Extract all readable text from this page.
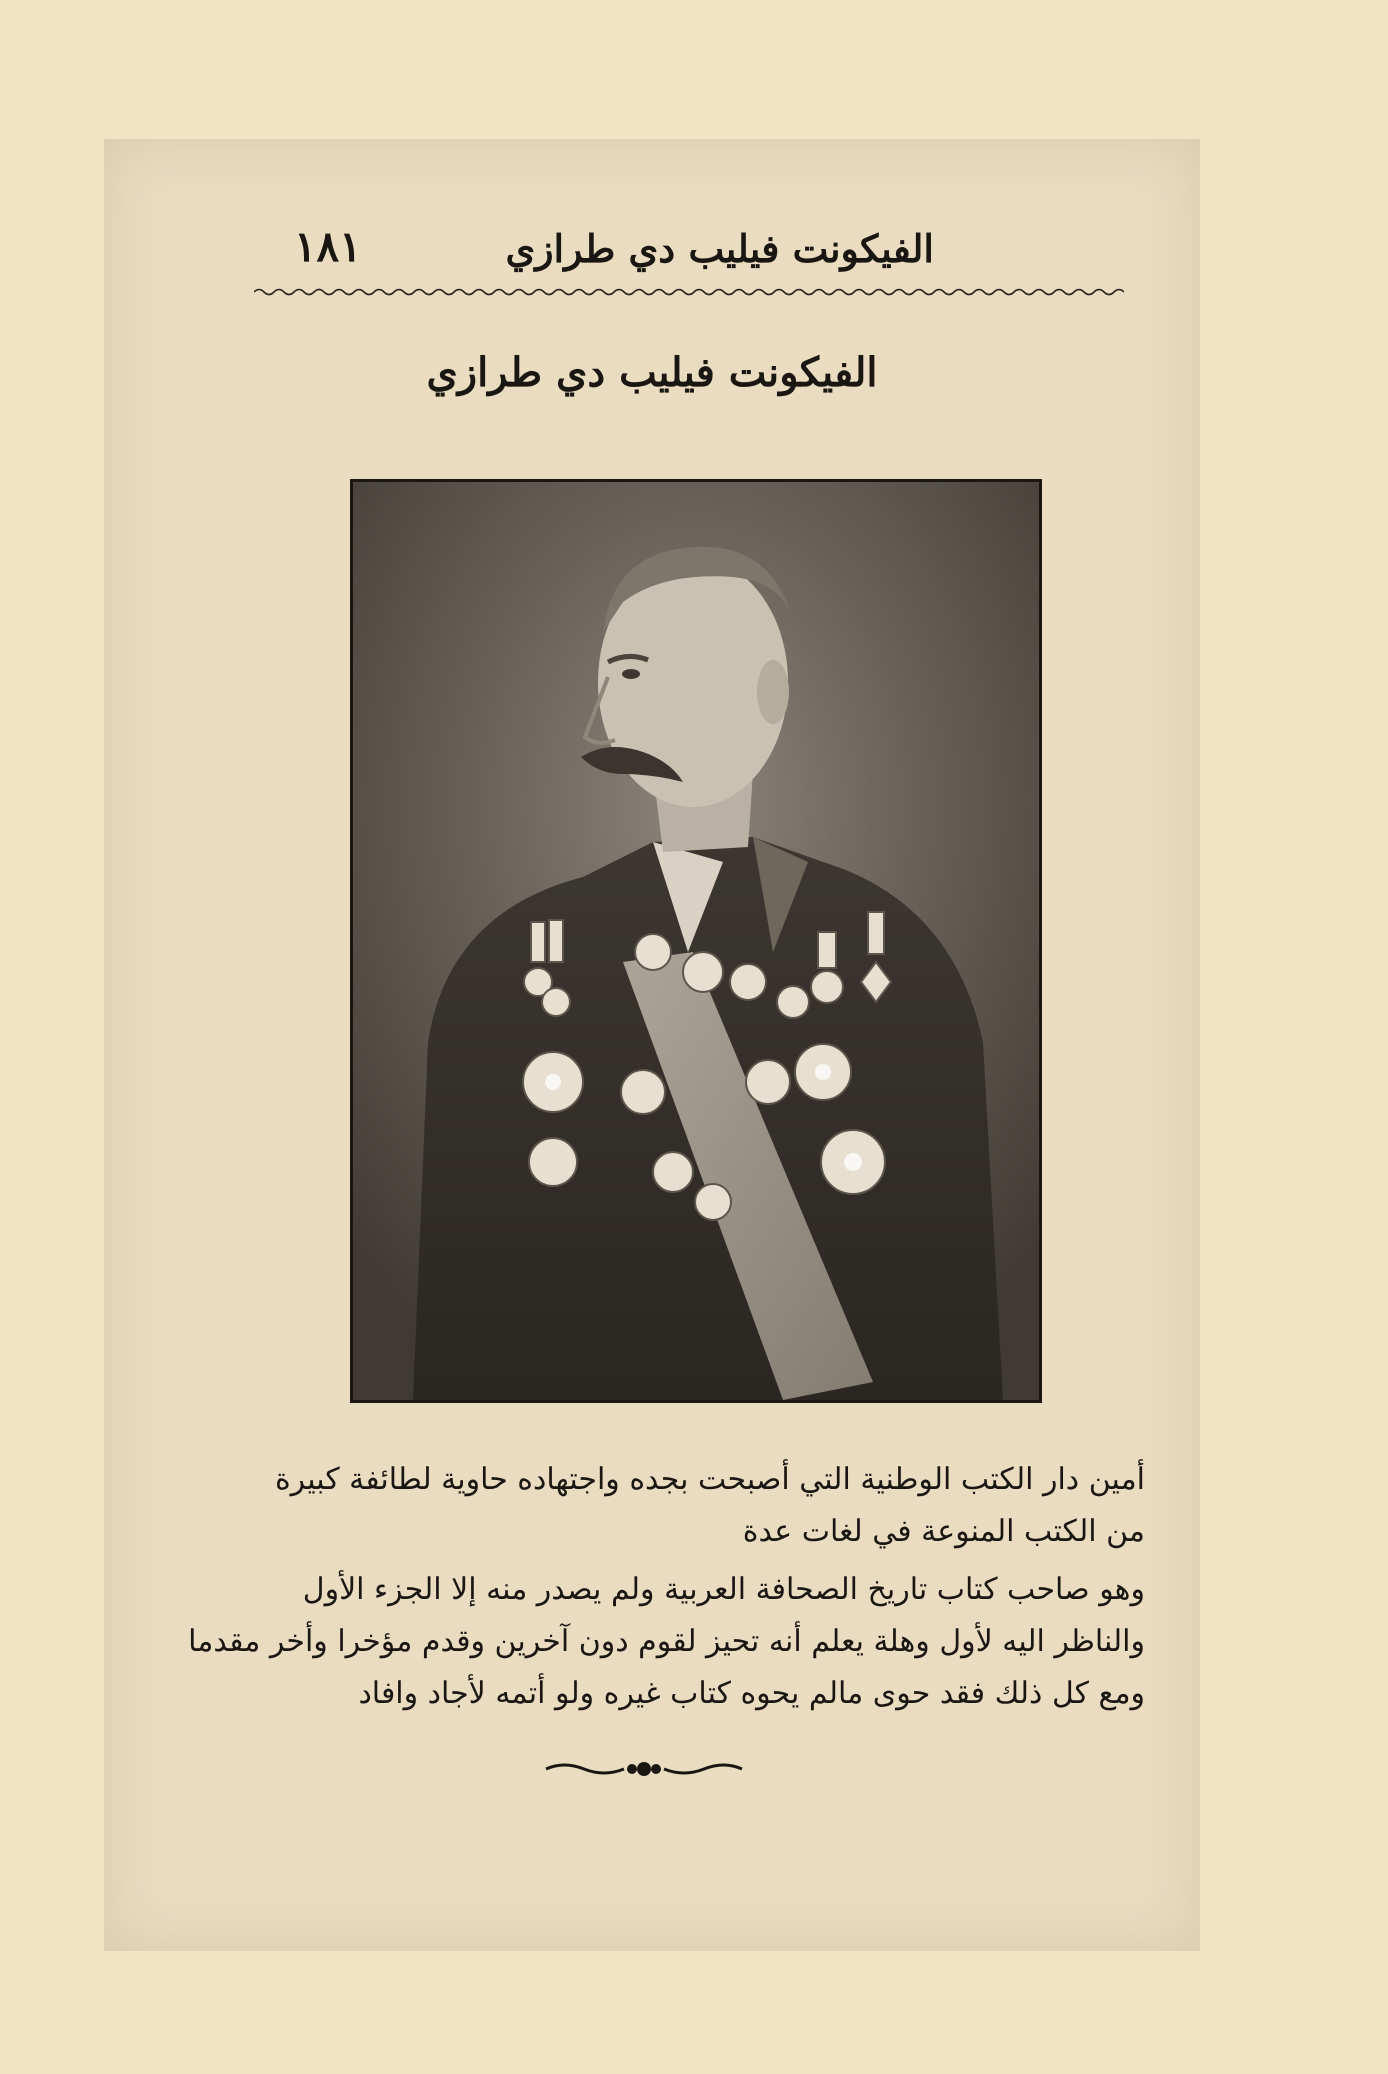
الفيكونت فيليب دي طرازي
١٨١
الفيكونت فيليب دي طرازي
أمين دار الكتب الوطنية التي أصبحت بجده واجتهاده حاوية لطائفة كبيرة
من الكتب المنوعة في لغات عدة
وهو صاحب كتاب تاريخ الصحافة العربية ولم يصدر منه إلا الجزء الأول
والناظر اليه لأول وهلة يعلم أنه تحيز لقوم دون آخرين وقدم مؤخرا وأخر مقدما
ومع كل ذلك فقد حوى مالم يحوه كتاب غيره ولو أتمه لأجاد وافاد
